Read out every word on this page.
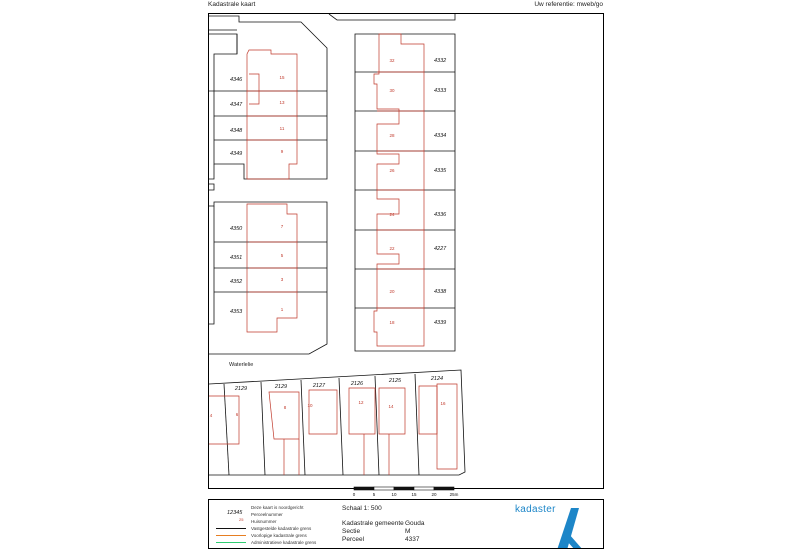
Kadastrale kaart	Uw referentie: mweb/go
4346
4347
4348
4349
4350
4351
4352
4353
15
13
11
9
7
5
3
1
4332
4333
4334
4335
4336
4227
4338
4339
32
30
28
26
24
22
20
18
2129	2129	2127	2126	2125	2124
4	6
8	10
12
14
16
Waterlelie
0	5	10	15	20	25m
Deze kaart is noordgericht
12345 Perceelnummer
25 Huisnummer
Vastgestelde kadastrale grens
Voorlopige kadastrale grens
Administratieve kadastrale grens
Schaal 1: 500
Kadastrale gemeente Gouda
Sectie	M
Perceel	4337
kadaster
